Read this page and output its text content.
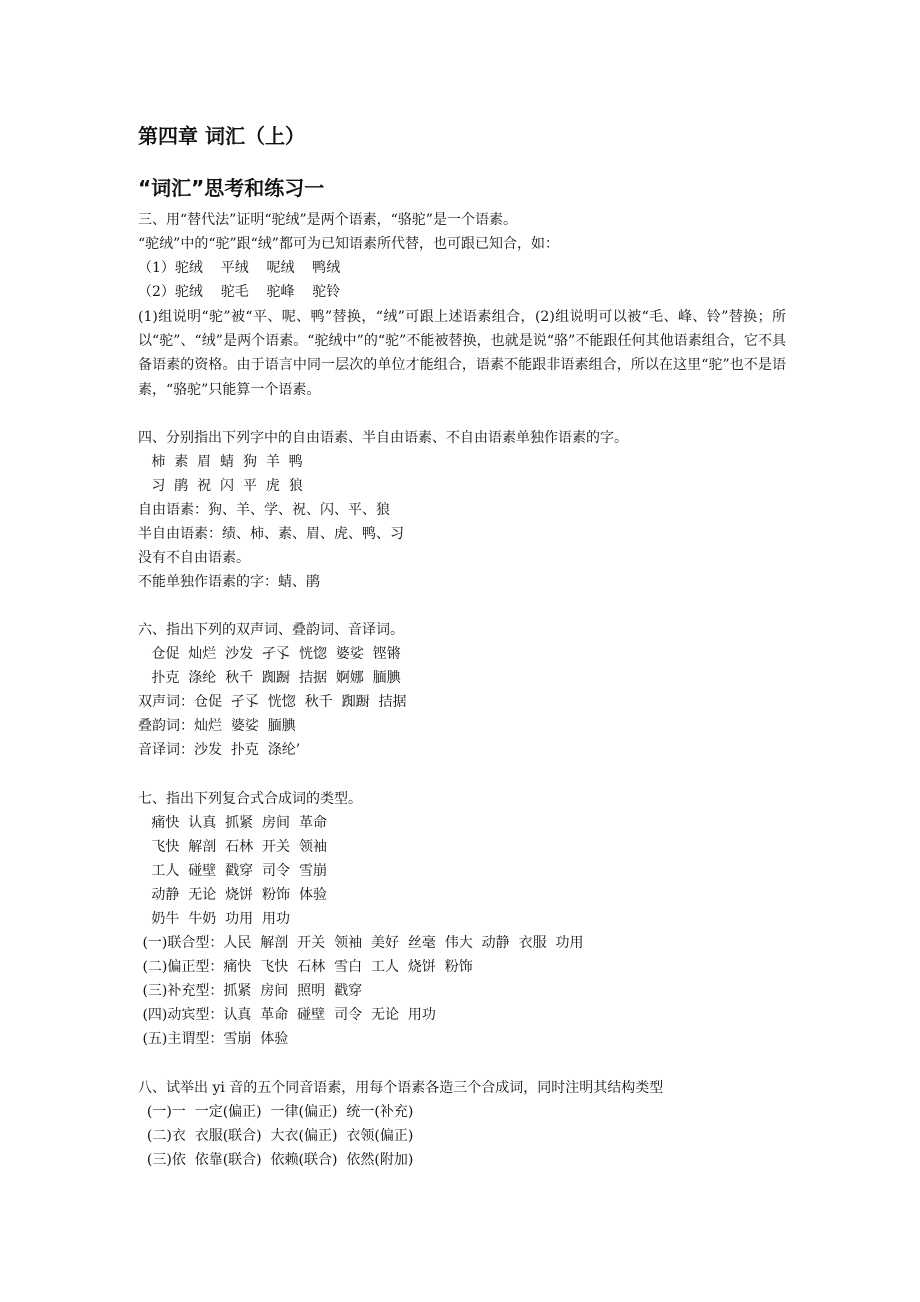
第四章 词汇（上）
“词汇”思考和练习一
三、用“替代法”证明“驼绒”是两个语素，“骆驼”是一个语素。
“驼绒”中的“驼”跟“绒”都可为已知语素所代替，也可跟已知合，如：
（1）驼绒    平绒    呢绒    鸭绒
（2）驼绒    驼毛    驼峰    驼铃
(1)组说明“驼”被“平、呢、鸭”替换，“绒”可跟上述语素组合，(2)组说明可以被“毛、峰、铃”替换；所以“驼”、“绒”是两个语素。“驼绒中”的“驼”不能被替换，也就是说“骆”不能跟任何其他语素组合，它不具备语素的资格。由于语言中同一层次的单位才能组合，语素不能跟非语素组合，所以在这里“驼”也不是语素，“骆驼”只能算一个语素。
四、分别指出下列字中的自由语素、半自由语素、不自由语素单独作语素的字。
柿  素  眉  蜻  狗  羊  鸭
习  鹃  祝  闪  平  虎  狼
自由语素：狗、羊、学、祝、闪、平、狼
半自由语素：绩、柿、素、眉、虎、鸭、习
没有不自由语素。
不能单独作语素的字：蜻、鹃
六、指出下列的双声词、叠韵词、音译词。
仓促  灿烂  沙发  孑孓  恍惚  婆娑  铿锵
扑克  涤纶  秋千  踟蹰  拮据  婀娜  腼腆
双声词：仓促  孑孓  恍惚  秋千  踟蹰  拮据
叠韵词：灿烂  婆娑  腼腆
音译词：沙发  扑克  涤纶’
七、指出下列复合式合成词的类型。
痛快  认真  抓紧  房间  革命
飞快  解剖  石林  开关  领袖
工人  碰壁  戳穿  司令  雪崩
动静  无论  烧饼  粉饰  体验
奶牛  牛奶  功用  用功
(一)联合型：人民  解剖  开关  领袖  美好  丝毫  伟大  动静  衣服  功用
(二)偏正型：痛快  飞快  石林  雪白  工人  烧饼  粉饰
(三)补充型：抓紧  房间  照明  戳穿
(四)动宾型：认真  革命  碰壁  司令  无论  用功
(五)主谓型：雪崩  体验
八、试举出 yi 音的五个同音语素，用每个语素各造三个合成词，同时注明其结构类型
(一)一  一定(偏正)  一律(偏正)  统一(补充)
(二)衣  衣服(联合)  大衣(偏正)  衣领(偏正)
(三)依  依靠(联合)  依赖(联合)  依然(附加)
